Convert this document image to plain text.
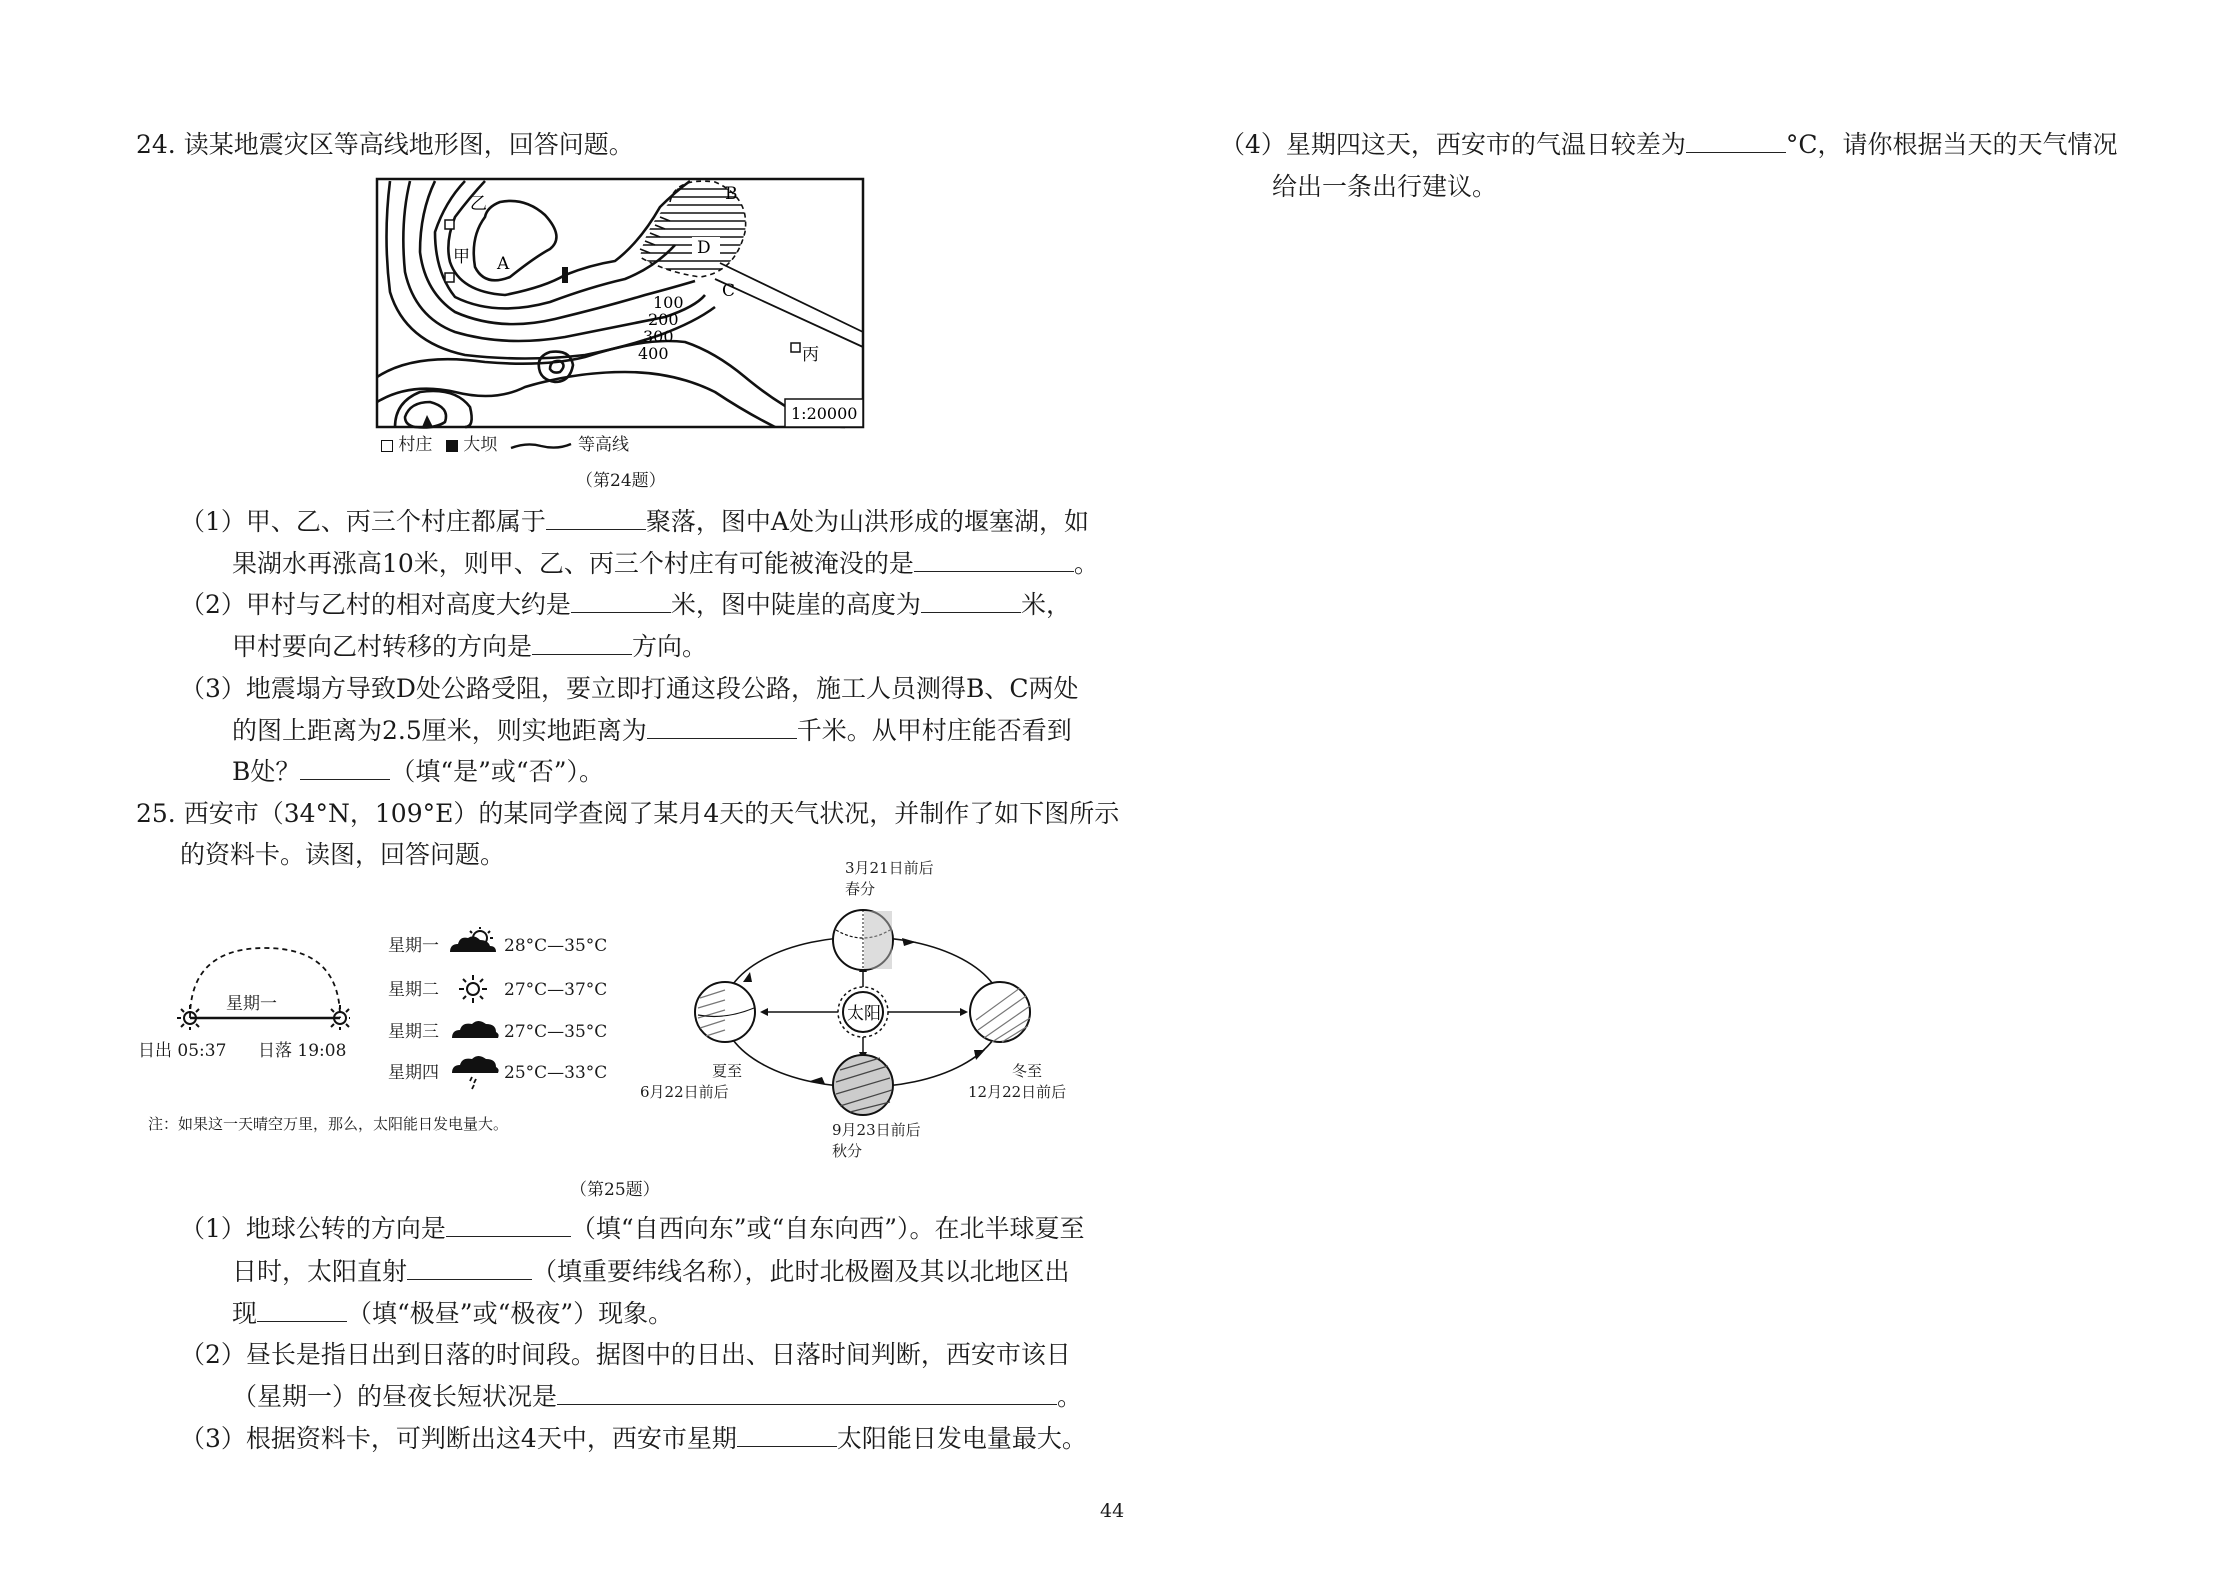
24. 读某地震灾区等高线地形图，回答问题。
乙
甲
丙
A
B
C
D
100
200
300
400
1:20000
村庄 大坝	等高线
（第24题）
（1）甲、乙、丙三个村庄都属于	聚落，图中A处为山洪形成的堰塞湖，如
果湖水再涨高10米，则甲、乙、丙三个村庄有可能被淹没的是	。
（2）甲村与乙村的相对高度大约是	米，图中陡崖的高度为	米，
甲村要向乙村转移的方向是	方向。
（3）地震塌方导致D处公路受阻，要立即打通这段公路，施工人员测得B、C两处
的图上距离为2.5厘米，则实地距离为	千米。从甲村庄能否看到
B处？	（填“是”或“否”）。
25. 西安市（34°N，109°E）的某同学查阅了某月4天的天气状况，并制作了如下图所示
的资料卡。读图，回答问题。
星期一
日出 05:37 日落 19:08
星期一	28°C—35°C
星期二	27°C—37°C
星期三	27°C—35°C
星期四	25°C—33°C
注：如果这一天晴空万里，那么，太阳能日发电量大。
太阳
3月21日前后
春分
夏至
6月22日前后
9月23日前后
秋分
冬至
12月22日前后
（第25题）
（1）地球公转的方向是	（填“自西向东”或“自东向西”）。在北半球夏至
日时，太阳直射	（填重要纬线名称），此时北极圈及其以北地区出
现	（填“极昼”或“极夜”）现象。
（2）昼长是指日出到日落的时间段。据图中的日出、日落时间判断，西安市该日
（星期一）的昼夜长短状况是	。
（3）根据资料卡，可判断出这4天中，西安市星期	太阳能日发电量最大。
（4）星期四这天，西安市的气温日较差为	°C，请你根据当天的天气情况
给出一条出行建议。
44
